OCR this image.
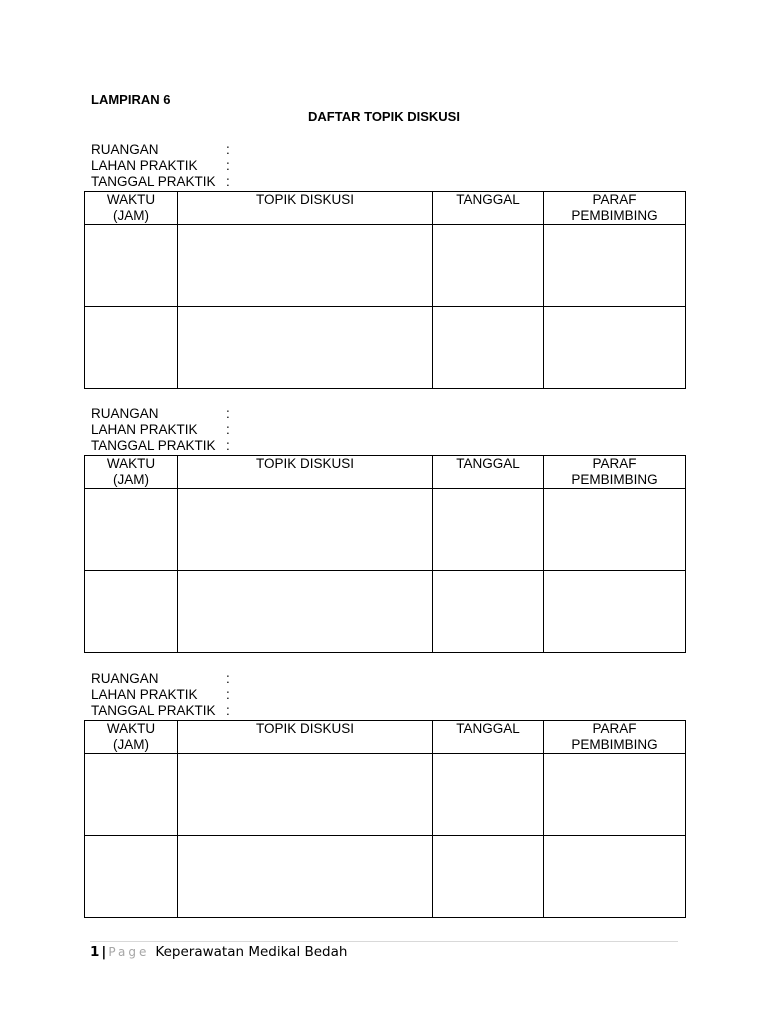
LAMPIRAN 6
DAFTAR TOPIK DISKUSI
RUANGAN	:
LAHAN PRAKTIK :
TANGGAL PRAKTIK :
WAKTU
(JAM)	TOPIK DISKUSI	TANGGAL	PARAF
PEMBIMBING

RUANGAN	:
LAHAN PRAKTIK :
TANGGAL PRAKTIK :
WAKTU
(JAM)	TOPIK DISKUSI	TANGGAL	PARAF
PEMBIMBING

RUANGAN	:
LAHAN PRAKTIK :
TANGGAL PRAKTIK :
WAKTU
(JAM)	TOPIK DISKUSI	TANGGAL	PARAF
PEMBIMBING

1 | Page Keperawatan Medikal Bedah
